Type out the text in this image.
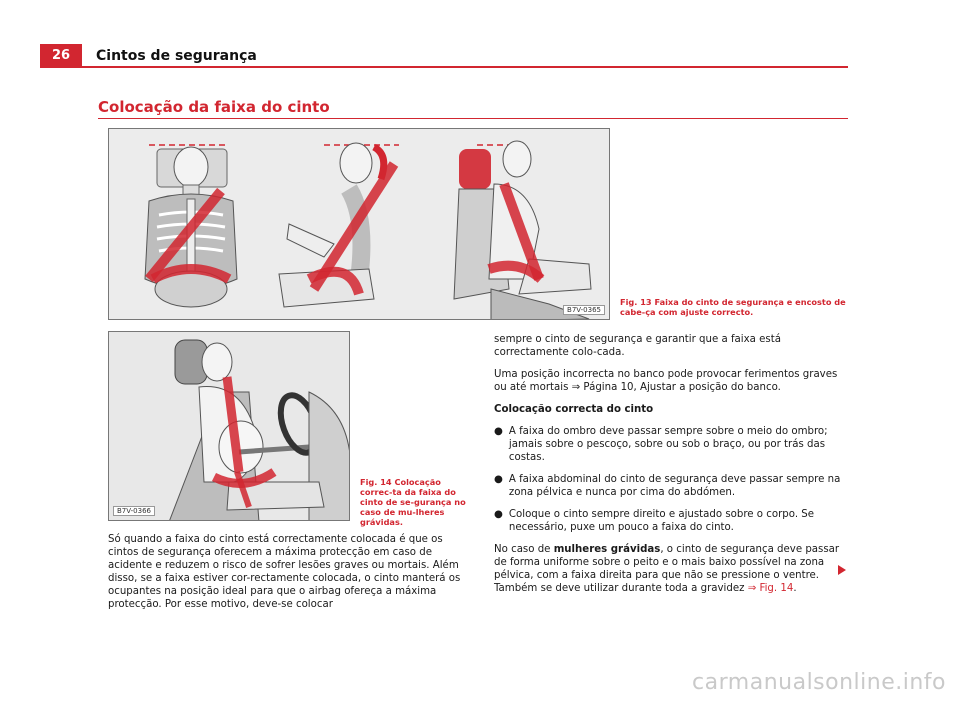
26	Cintos de segurança
Colocação da faixa do cinto
B7V-0365
Fig. 13 Faixa do cinto de segurança e encosto de cabe-ça com ajuste correcto.
B7V-0366
Fig. 14 Colocação correc-ta da faixa do cinto de se-gurança no caso de mu-lheres grávidas.
Só quando a faixa do cinto está correctamente colocada é que os cintos de segurança oferecem a máxima protecção em caso de acidente e reduzem o risco de sofrer lesões graves ou mortais. Além disso, se a faixa estiver cor-rectamente colocada, o cinto manterá os ocupantes na posição ideal para que o airbag ofereça a máxima protecção. Por esse motivo, deve-se colocar

sempre o cinto de segurança e garantir que a faixa está correctamente colo-cada.

Uma posição incorrecta no banco pode provocar ferimentos graves ou até mortais ⇒ Página 10, Ajustar a posição do banco.

Colocação correcta do cinto

● A faixa do ombro deve passar sempre sobre o meio do ombro; jamais sobre o pescoço, sobre ou sob o braço, ou por trás das costas.

● A faixa abdominal do cinto de segurança deve passar sempre na zona pélvica e nunca por cima do abdómen.

● Coloque o cinto sempre direito e ajustado sobre o corpo. Se necessário, puxe um pouco a faixa do cinto.

No caso de mulheres grávidas, o cinto de segurança deve passar de forma uniforme sobre o peito e o mais baixo possível na zona pélvica, com a faixa direita para que não se pressione o ventre. Também se deve utilizar durante toda a gravidez ⇒ Fig. 14.

carmanualsonline.info
